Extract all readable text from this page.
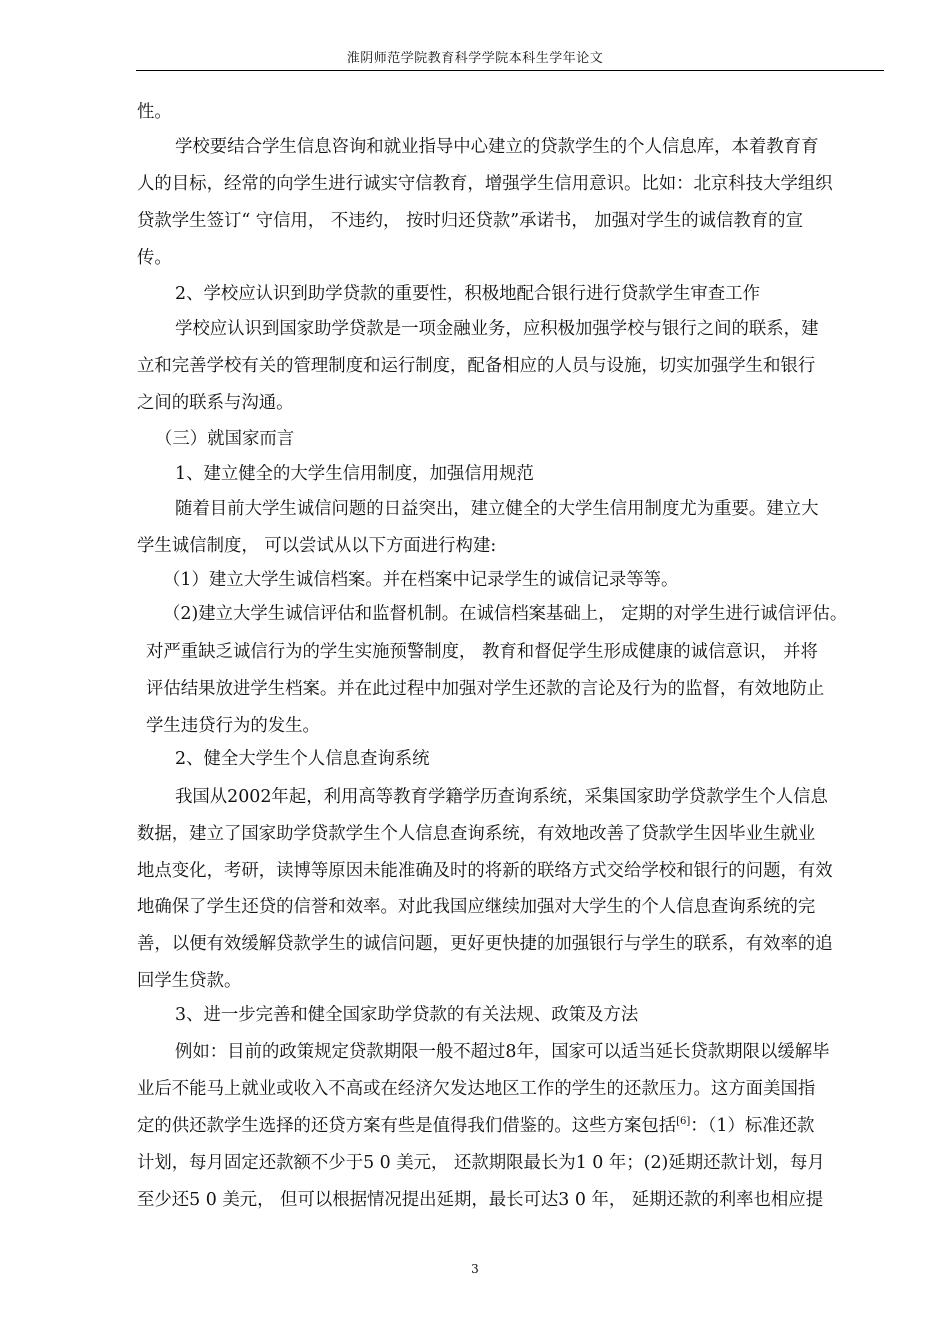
淮阴师范学院教育科学学院本科生学年论文
性。
学校要结合学生信息咨询和就业指导中心建立的贷款学生的个人信息库，本着教育育
人的目标，经常的向学生进行诚实守信教育，增强学生信用意识。比如：北京科技大学组织
贷款学生签订“ 守信用， 不违约， 按时归还贷款”承诺书， 加强对学生的诚信教育的宣
传。
2、学校应认识到助学贷款的重要性，积极地配合银行进行贷款学生审查工作
学校应认识到国家助学贷款是一项金融业务，应积极加强学校与银行之间的联系，建
立和完善学校有关的管理制度和运行制度，配备相应的人员与设施，切实加强学生和银行
之间的联系与沟通。
（三）就国家而言
1、建立健全的大学生信用制度，加强信用规范
随着目前大学生诚信问题的日益突出，建立健全的大学生信用制度尤为重要。建立大
学生诚信制度， 可以尝试从以下方面进行构建:
（1）建立大学生诚信档案。并在档案中记录学生的诚信记录等等。
（2)建立大学生诚信评估和监督机制。在诚信档案基础上， 定期的对学生进行诚信评估。
对严重缺乏诚信行为的学生实施预警制度， 教育和督促学生形成健康的诚信意识， 并将
评估结果放进学生档案。并在此过程中加强对学生还款的言论及行为的监督，有效地防止
学生违贷行为的发生。
2、健全大学生个人信息查询系统
我国从2002年起，利用高等教育学籍学历查询系统，采集国家助学贷款学生个人信息
数据，建立了国家助学贷款学生个人信息查询系统，有效地改善了贷款学生因毕业生就业
地点变化，考研，读博等原因未能准确及时的将新的联络方式交给学校和银行的问题，有效
地确保了学生还贷的信誉和效率。对此我国应继续加强对大学生的个人信息查询系统的完
善，以便有效缓解贷款学生的诚信问题，更好更快捷的加强银行与学生的联系，有效率的追
回学生贷款。
3、进一步完善和健全国家助学贷款的有关法规、政策及方法
例如：目前的政策规定贷款期限一般不超过8年，国家可以适当延长贷款期限以缓解毕
业后不能马上就业或收入不高或在经济欠发达地区工作的学生的还款压力。这方面美国指
定的供还款学生选择的还贷方案有些是值得我们借鉴的。这些方案包括[6]：（1）标准还款
计划，每月固定还款额不少于5 0 美元， 还款期限最长为1 0 年；(2)延期还款计划，每月
至少还5 0 美元， 但可以根据情况提出延期，最长可达3 0 年， 延期还款的利率也相应提
3
